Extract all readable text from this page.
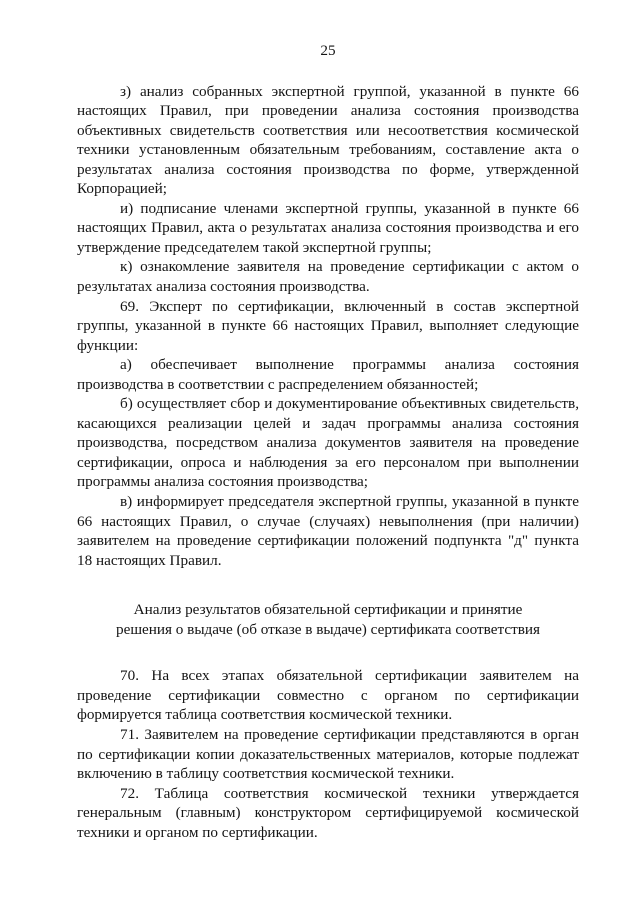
25

з) анализ собранных экспертной группой, указанной в пункте 66 настоящих Правил, при проведении анализа состояния производства объективных свидетельств соответствия или несоответствия космической техники установленным обязательным требованиям, составление акта о результатах анализа состояния производства по форме, утвержденной Корпорацией;

и) подписание членами экспертной группы, указанной в пункте 66 настоящих Правил, акта о результатах анализа состояния производства и его утверждение председателем такой экспертной группы;

к) ознакомление заявителя на проведение сертификации с актом о результатах анализа состояния производства.

69. Эксперт по сертификации, включенный в состав экспертной группы, указанной в пункте 66 настоящих Правил, выполняет следующие функции:

а) обеспечивает выполнение программы анализа состояния производства в соответствии с распределением обязанностей;

б) осуществляет сбор и документирование объективных свидетельств, касающихся реализации целей и задач программы анализа состояния производства, посредством анализа документов заявителя на проведение сертификации, опроса и наблюдения за его персоналом при выполнении программы анализа состояния производства;

в) информирует председателя экспертной группы, указанной в пункте 66 настоящих Правил, о случае (случаях) невыполнения (при наличии) заявителем на проведение сертификации положений подпункта "д" пункта 18 настоящих Правил.

Анализ результатов обязательной сертификации и принятие
решения о выдаче (об отказе в выдаче) сертификата соответствия

70. На всех этапах обязательной сертификации заявителем на проведение сертификации совместно с органом по сертификации формируется таблица соответствия космической техники.

71. Заявителем на проведение сертификации представляются в орган по сертификации копии доказательственных материалов, которые подлежат включению в таблицу соответствия космической техники.

72. Таблица соответствия космической техники утверждается генеральным (главным) конструктором сертифицируемой космической техники и органом по сертификации.
